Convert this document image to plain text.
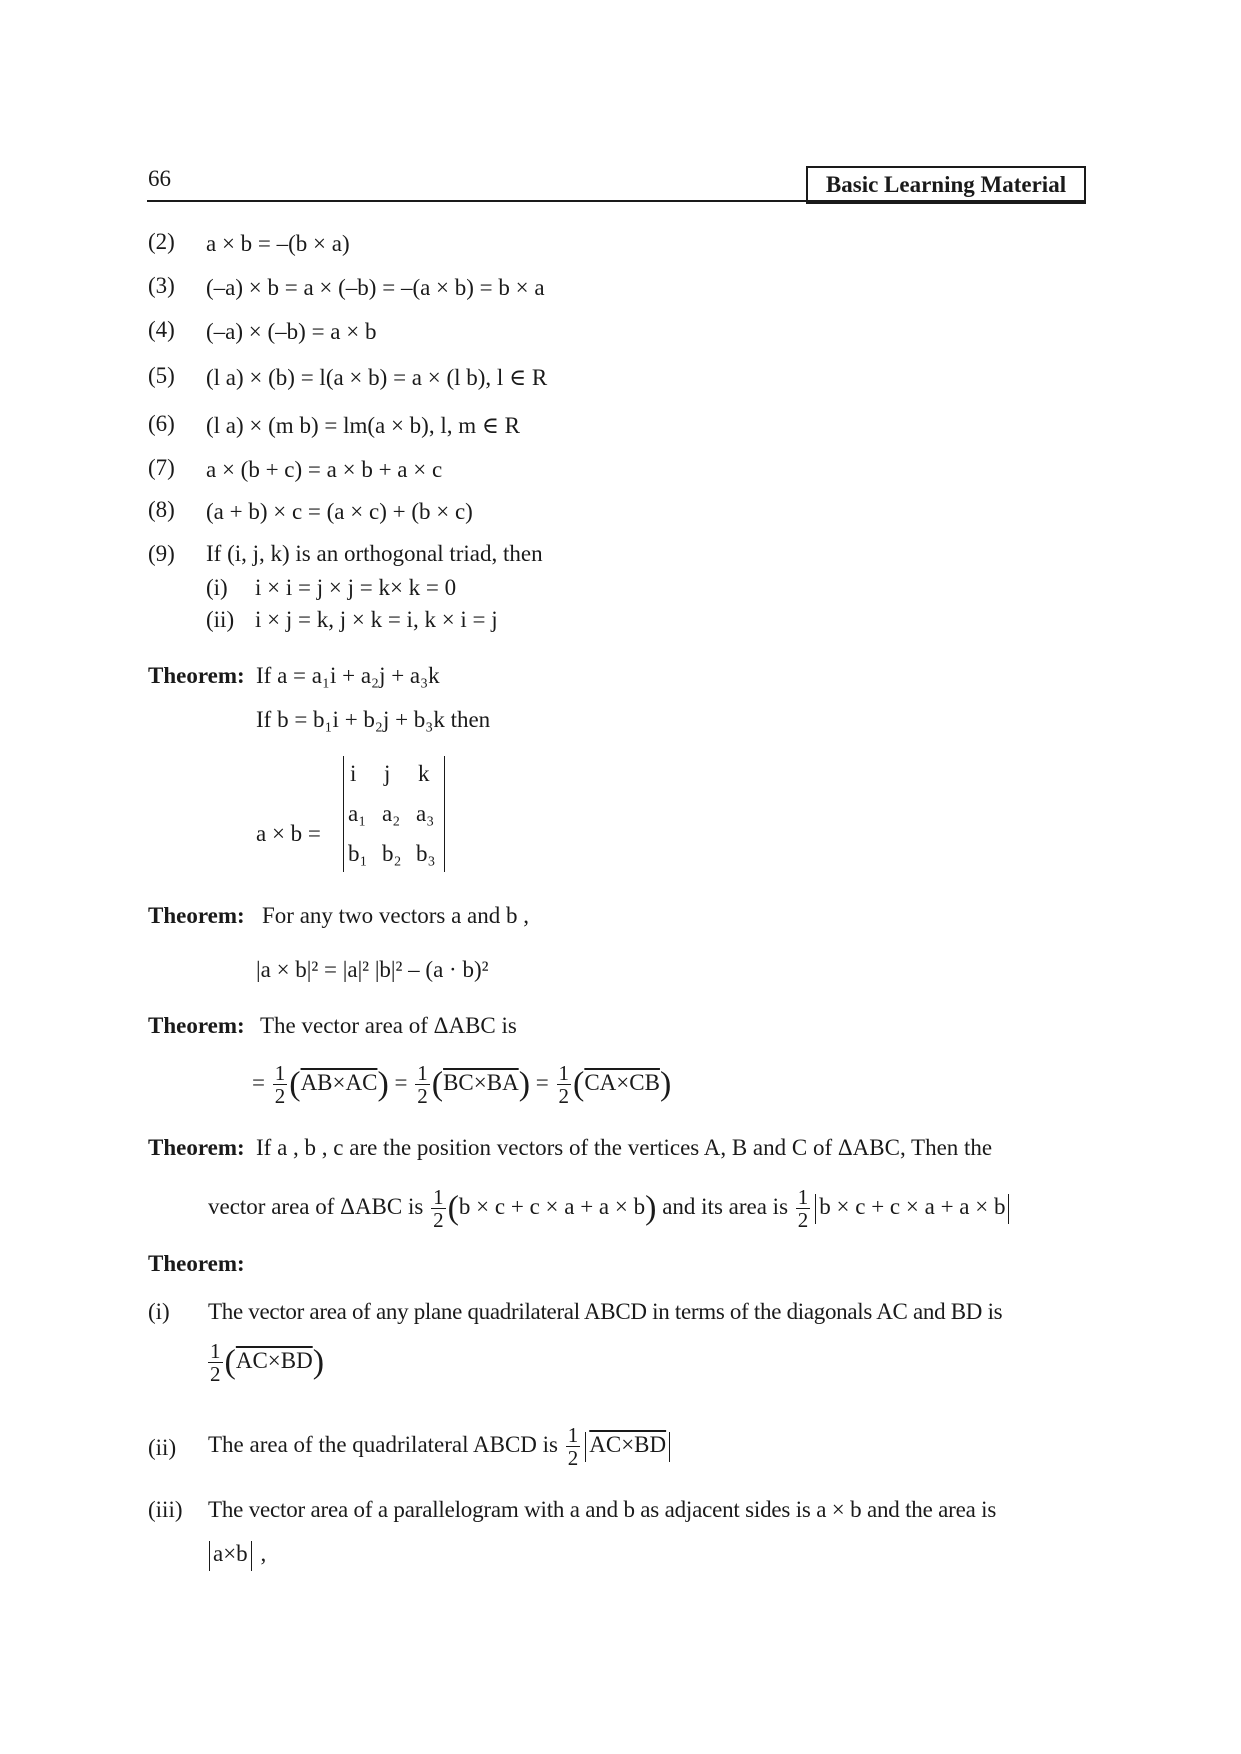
66	Basic Learning Material
(2) a × b = –(b × a)
(3) (–a) × b = a × (–b) = –(a × b) = b × a
(4) (–a) × (–b) = a × b
(5) (l a) × (b) = l(a × b) = a × (l b), l ∈ R
(6) (l a) × (m b) = lm(a × b), l, m ∈ R
(7) a × (b + c) = a × b + a × c
(8) (a + b) × c = (a × c) + (b × c)
(9) If (i, j, k) is an orthogonal triad, then
(i) i × i = j × j = k× k = 0
(ii) i × j = k, j × k = i, k × i = j
Theorem: If a = a₁i + a₂j + a₃k
If b = b₁i + b₂j + b₃k then
a × b =
i j k
a₁ a₂ a₃
b₁ b₂ b₃
Theorem: For any two vectors a and b ,
|a × b|² = |a|² |b|² – (a · b)²
Theorem: The vector area of ΔABC is
= $\frac{1}{2} (AB\times AC) = \frac{1}{2} (BC\times BA) = \frac{1}{2} (CA\times CB)$
Theorem: If a , b , c are the position vectors of the vertices A, B and C of ΔABC, Then the
vector area of ΔABC is $\frac{1}{2} (b \times c + c \times a + a \times b)$ and its area is $\frac{1}{2}$ b × c + c × a + a × b
Theorem:
(i) The vector area of any plane quadrilateral ABCD in terms of the diagonals AC and BD is
$\frac{1}{2} (AC\times BD)$
(ii) The area of the quadrilateral ABCD is $\frac{1}{2} AC\times BD$
(iii) The vector area of a parallelogram with a and b as adjacent sides is a × b and the area is
a×b ,
